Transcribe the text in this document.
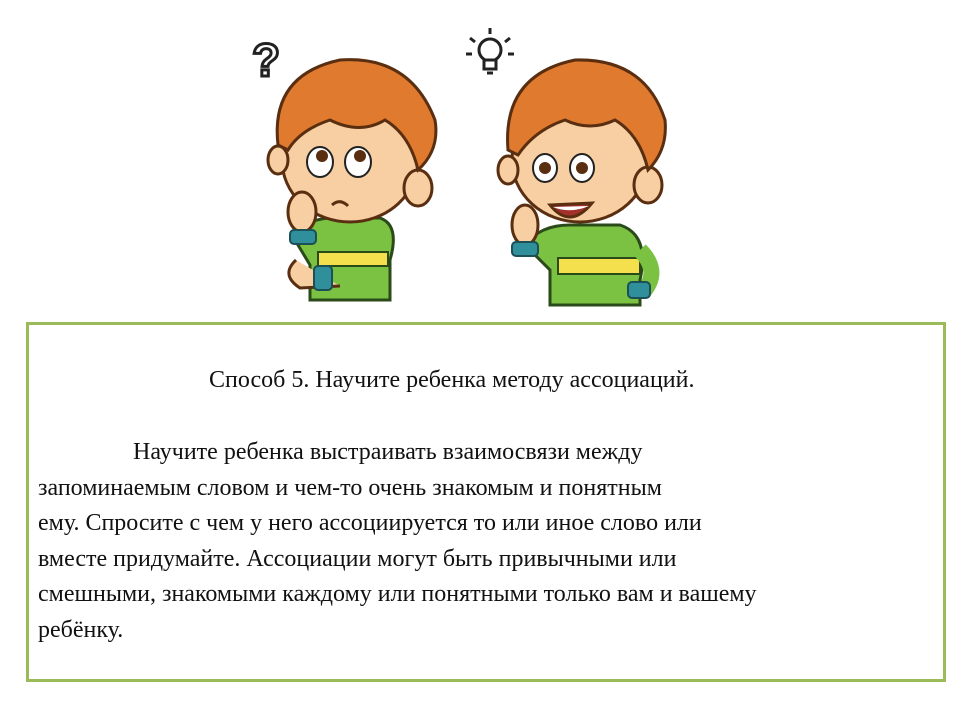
?
Способ 5. Научите ребенка методу ассоциаций.

Научите ребенка выстраивать взаимосвязи между
запоминаемым словом и чем-то очень знакомым и понятным
ему. Спросите с чем у него ассоциируется то или иное слово или
вместе придумайте. Ассоциации могут быть привычными или
смешными, знакомыми каждому или понятными только вам и вашему
ребёнку.
